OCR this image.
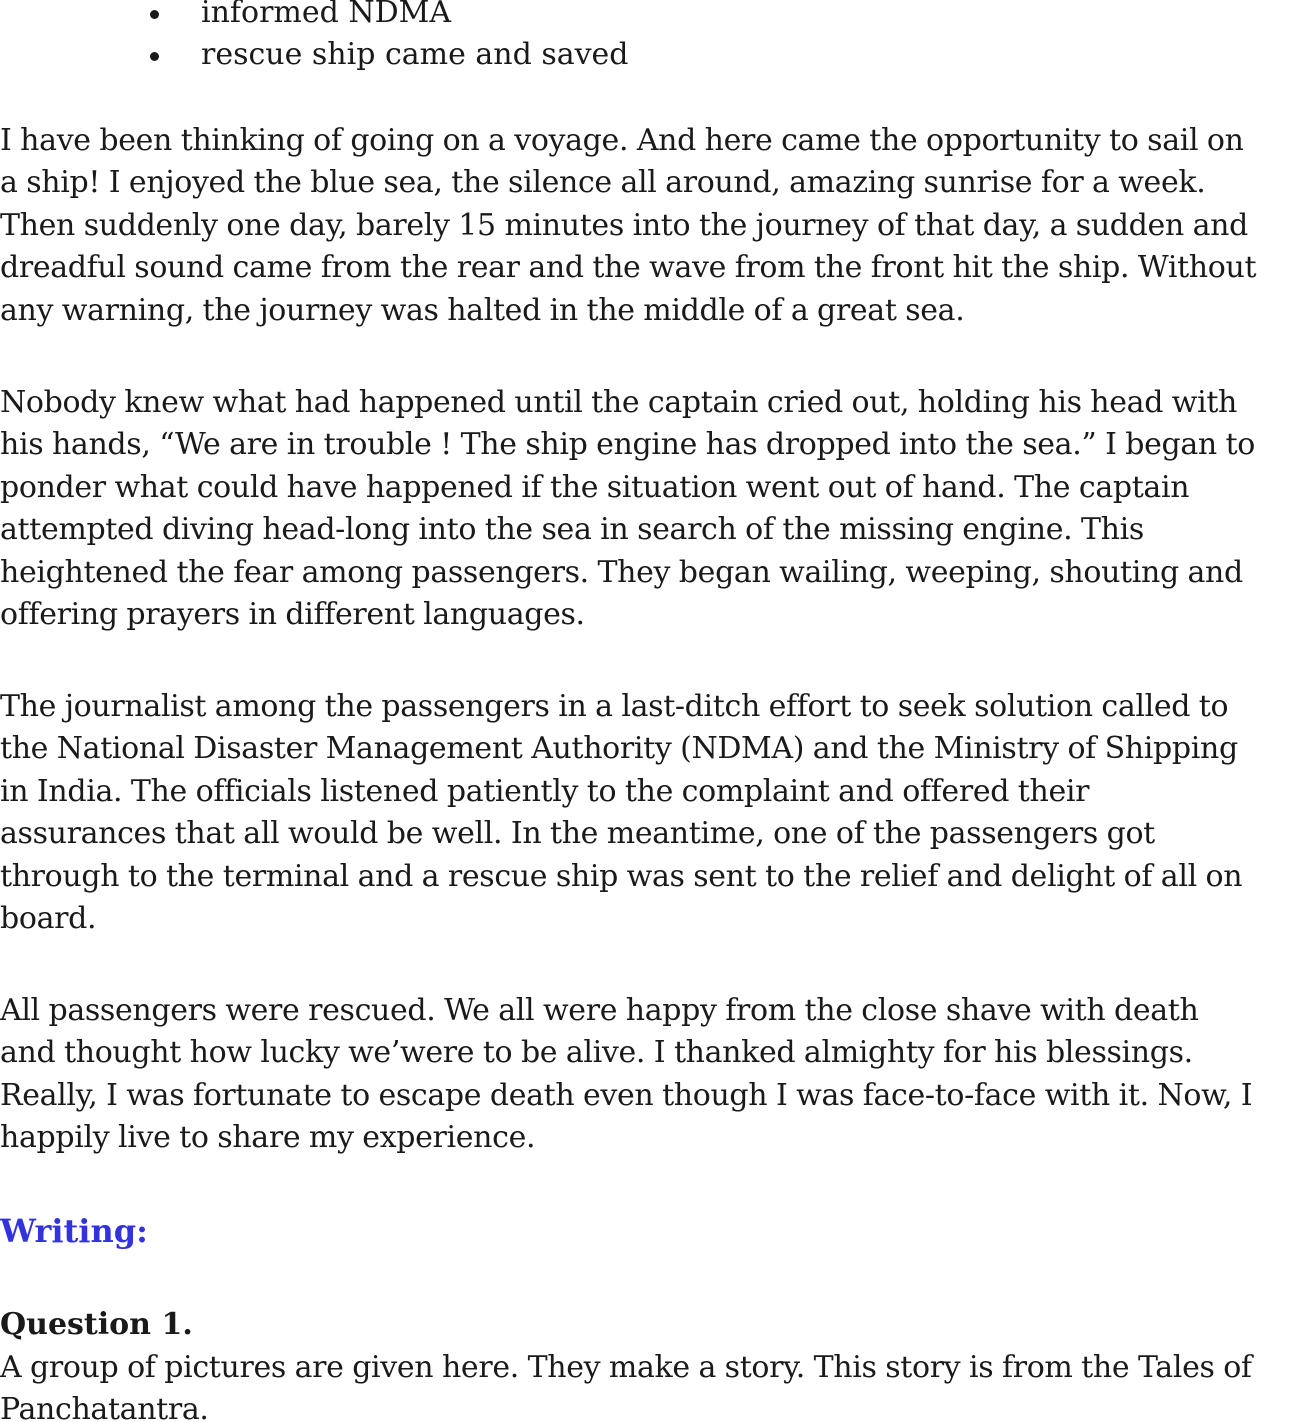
informed NDMA
rescue ship came and saved

I have been thinking of going on a voyage. And here came the opportunity to sail on
a ship! I enjoyed the blue sea, the silence all around, amazing sunrise for a week.
Then suddenly one day, barely 15 minutes into the journey of that day, a sudden and
dreadful sound came from the rear and the wave from the front hit the ship. Without
any warning, the journey was halted in the middle of a great sea.

Nobody knew what had happened until the captain cried out, holding his head with
his hands, “We are in trouble ! The ship engine has dropped into the sea.” I began to
ponder what could have happened if the situation went out of hand. The captain
attempted diving head-long into the sea in search of the missing engine. This
heightened the fear among passengers. They began wailing, weeping, shouting and
offering prayers in different languages.

The journalist among the passengers in a last-ditch effort to seek solution called to
the National Disaster Management Authority (NDMA) and the Ministry of Shipping
in India. The officials listened patiently to the complaint and offered their
assurances that all would be well. In the meantime, one of the passengers got
through to the terminal and a rescue ship was sent to the relief and delight of all on
board.

All passengers were rescued. We all were happy from the close shave with death
and thought how lucky we’were to be alive. I thanked almighty for his blessings.
Really, I was fortunate to escape death even though I was face-to-face with it. Now, I
happily live to share my experience.

Writing:
Question 1.

A group of pictures are given here. They make a story. This story is from the Tales of
Panchatantra.
